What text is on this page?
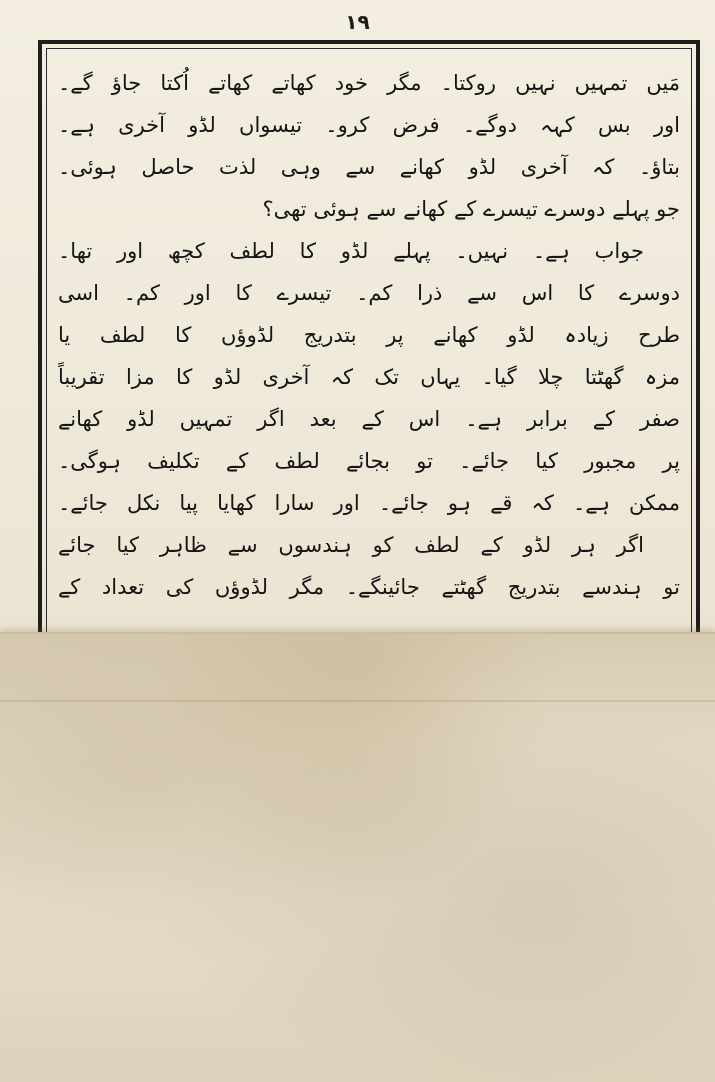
١٩
مَیں تمہیں نہیں روکتا۔ مگر خود کھاتے کھاتے اُکتا جاؤ گے۔
اور بس کہہ دوگے۔ فرض کرو۔ تیسواں لڈو آخری ہے۔
بتاؤ۔ کہ آخری لڈو کھانے سے وہی لذت حاصل ہوئی۔
جو پہلے دوسرے تیسرے کے کھانے سے ہوئی تھی؟
جواب ہے۔ نہیں۔ پہلے لڈو کا لطف کچھ اور تھا۔
دوسرے کا اس سے ذرا کم۔ تیسرے کا اور کم۔ اسی
طرح زیادہ لڈو کھانے پر بتدریج لڈوؤں کا لطف یا
مزہ گھٹتا چلا گیا۔ یہاں تک کہ آخری لڈو کا مزا تقریباً
صفر کے برابر ہے۔ اس کے بعد اگر تمہیں لڈو کھانے
پر مجبور کیا جائے۔ تو بجائے لطف کے تکلیف ہوگی۔
ممکن ہے۔ کہ قے ہو جائے۔ اور سارا کھایا پیا نکل جائے۔
اگر ہر لڈو کے لطف کو ہندسوں سے ظاہر کیا جائے
تو ہندسے بتدریج گھٹتے جائینگے۔ مگر لڈوؤں کی تعداد کے
